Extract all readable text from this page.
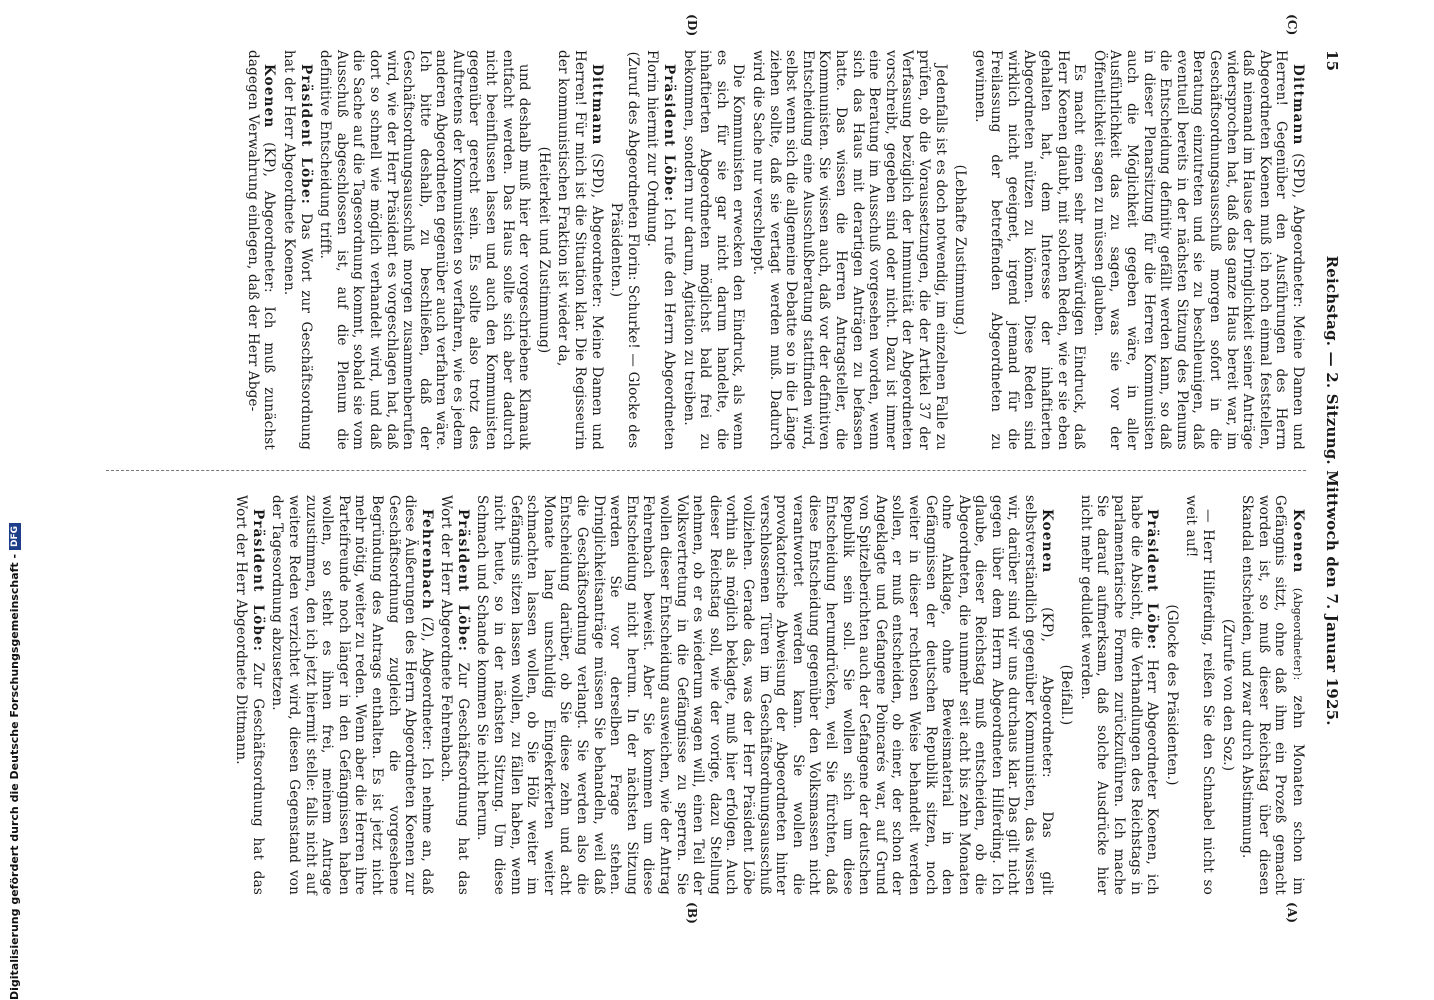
15
Reichstag. — 2. Sitzung. Mittwoch den 7. Januar 1925.
(C)
(D)
(A)
(B)

Dittmann (SPD), Abgeordneter: Meine Damen und Herren! Gegenüber den Ausführungen des Herrn Abgeordneten Koenen muß ich noch einmal feststellen, daß niemand im Hause der Dringlichkeit seiner Anträge widersprochen hat, daß das ganze Haus bereit war, im Geschäftsordnungsausschuß morgen sofort in die Beratung einzutreten und sie zu beschleunigen, daß eventuell bereits in der nächsten Sitzung des Plenums die Entscheidung definitiv gefällt werden kann, so daß in dieser Plenarsitzung für die Herren Kommunisten auch die Möglichkeit gegeben wäre, in aller Ausführlichkeit das zu sagen, was sie vor der Öffentlichkeit sagen zu müssen glauben.

Es macht einen sehr merkwürdigen Eindruck, daß Herr Koenen glaubt, mit solchen Reden, wie er sie eben gehalten hat, dem Interesse der inhaftierten Abgeordneten nützen zu können. Diese Reden sind wirklich nicht geeignet, irgend jemand für die Freilassung der betreffenden Abgeordneten zu gewinnen.

(Lebhafte Zustimmung.)

Jedenfalls ist es doch notwendig, im einzelnen Falle zu prüfen, ob die Voraussetzungen, die der Artikel 37 der Verfassung bezüglich der Immunität der Abgeordneten vorschreibt, gegeben sind oder nicht. Dazu ist immer eine Beratung im Ausschuß vorgesehen worden, wenn sich das Haus mit derartigen Anträgen zu befassen hatte. Das wissen die Herren Antragsteller, die Kommunisten. Sie wissen auch, daß vor der definitiven Entscheidung eine Ausschußberatung stattfinden wird, selbst wenn sich die allgemeine Debatte so in die Länge ziehen sollte, daß sie vertagt werden muß. Dadurch wird die Sache nur verschleppt.

Die Kommunisten erwecken den Eindruck, als wenn es sich für sie gar nicht darum handelte, die inhaftierten Abgeordneten möglichst bald frei zu bekommen, sondern nur darum, Agitation zu treiben.

Präsident Löbe: Ich rufe den Herrn Abgeordneten Florin hiermit zur Ordnung.

(Zuruf des Abgeordneten Florin: Schurke! — Glocke des Präsidenten.)

Dittmann (SPD), Abgeordneter: Meine Damen und Herren! Für mich ist die Situation klar. Die Regisseurin der kommunistischen Fraktion ist wieder da,

(Heiterkeit und Zustimmung)

und deshalb muß hier der vorgeschriebene Klamauk entfacht werden. Das Haus sollte sich aber dadurch nicht beeinflussen lassen und auch den Kommunisten gegenüber gerecht sein. Es sollte also trotz des Auftretens der Kommunisten so verfahren, wie es jedem anderen Abgeordneten gegenüber auch verfahren wäre. Ich bitte deshalb, zu beschließen, daß der Geschäftsordnungsausschuß morgen zusammenberufen wird, wie der Herr Präsident es vorgeschlagen hat, daß dort so schnell wie möglich verhandelt wird, und daß die Sache auf die Tagesordnung kommt, sobald sie vom Ausschuß abgeschlossen ist, auf die Plenum die definitive Entscheidung trifft.

Präsident Löbe: Das Wort zur Geschäftsordnung hat der Herr Abgeordnete Koenen.

Koenen (KP), Abgeordneter: Ich muß zunächst dagegen Verwahrung einlegen, daß der Herr Abge-

Koenen (Abgeordneter): zehn Monaten schon im Gefängnis sitzt, ohne daß ihm ein Prozeß gemacht worden ist, so muß dieser Reichstag über diesen Skandal entscheiden, und zwar durch Abstimmung.

(Zurufe von den Soz.)

— Herr Hilferding, reißen Sie den Schnabel nicht so weit auf!

(Glocke des Präsidenten.)

Präsident Löbe: Herr Abgeordneter Koenen, ich habe die Absicht, die Verhandlungen des Reichstags in parlamentarische Formen zurückzuführen. Ich mache Sie darauf aufmerksam, daß solche Ausdrücke hier nicht mehr geduldet werden.

(Beifall.)

Koenen (KP), Abgeordneter: Das gilt selbstverständlich gegenüber Kommunisten, das wissen wir, darüber sind wir uns durchaus klar. Das gilt nicht gegen über dem Herrn Abgeordneten Hilferding. Ich glaube, dieser Reichstag muß entscheiden, ob die Abgeordneten, die nunmehr seit acht bis zehn Monaten ohne Anklage, ohne Beweismaterial in den Gefängnissen der deutschen Republik sitzen, noch weiter in dieser rechtlosen Weise behandelt werden sollen, er muß entscheiden, ob einer, der schon der Angeklagte und Gefangene Poincarés war, auf Grund von Spitzelberichten auch der Gefangene der deutschen Republik sein soll. Sie wollen sich um diese Entscheidung herumdrücken, weil Sie fürchten, daß diese Entscheidung gegenüber den Volksmassen nicht verantwortet werden kann. Sie wollen die provokatorische Abweisung der Abgeordneten hinter verschlossenen Türen im Geschäftsordnungsausschuß vollziehen. Gerade das, was der Herr Präsident Löbe vorhin als möglich beklagte, muß hier erfolgen. Auch dieser Reichstag soll, wie der vorige, dazu Stellung nehmen, ob er es wiederum wagen will, einen Teil der Volksvertretung in die Gefängnisse zu sperren. Sie wollen dieser Entscheidung ausweichen, wie der Antrag Fehrenbach beweist. Aber Sie kommen um diese Entscheidung nicht herum. In der nächsten Sitzung werden Sie vor derselben Frage stehen. Dringlichkeitsanträge müssen Sie behandeln, weil daß die Geschäftsordnung verlangt. Sie werden also die Entscheidung darüber, ob Sie diese zehn und acht Monate lang unschuldig Eingekerkerten weiter schmachten lassen wollen, ob Sie Hölz weiter im Gefängnis sitzen lassen wollen, zu fällen haben, wenn nicht heute, so in der nächsten Sitzung. Um diese Schmach und Schande kommen Sie nicht herum.

Präsident Löbe: Zur Geschäftsordnung hat das Wort der Herr Abgeordnete Fehrenbach.

Fehrenbach (Z), Abgeordneter: Ich nehme an, daß diese Äußerungen des Herrn Abgeordneten Koenen zur Geschäftsordnung zugleich die vorgesehene Begründung des Antrags enthalten. Es ist jetzt nicht mehr nötig, weiter zu reden. Wenn aber die Herren ihre Parteifreunde noch länger in den Gefängnissen haben wollen, so steht es ihnen frei, meinem Antrage zuzustimmen, den ich jetzt hiermit stelle: falls nicht auf weitere Reden verzichtet wird, diesen Gegenstand von der Tagesordnung abzusetzen.

Präsident Löbe: Zur Geschäftsordnung hat das Wort der Herr Abgeordnete Dittmann.

Digitalisierung gefördert durch die Deutsche Forschungsgemeinschaft -DFG
